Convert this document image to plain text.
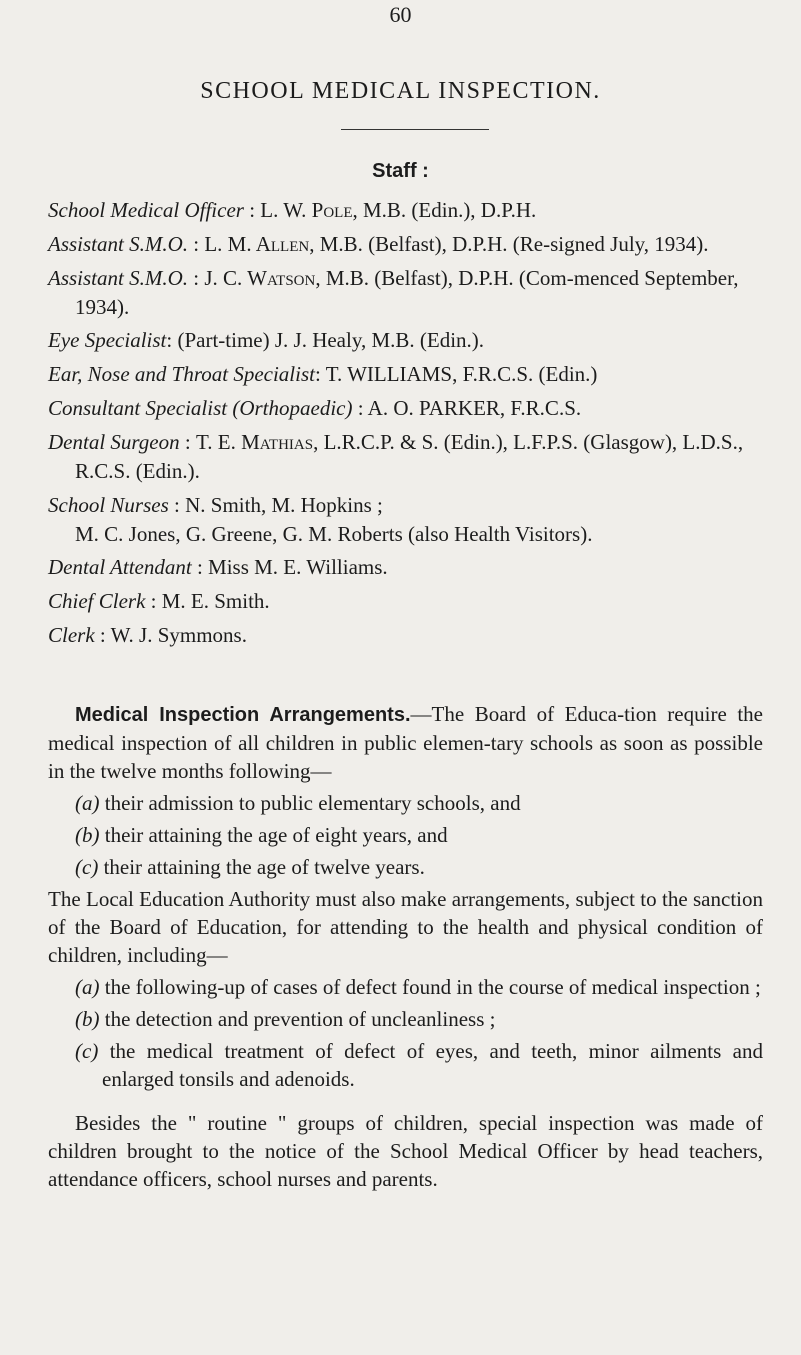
60
SCHOOL MEDICAL INSPECTION.
Staff :
School Medical Officer : L. W. Pole, M.B. (Edin.), D.P.H.
Assistant S.M.O. : L. M. Allen, M.B. (Belfast), D.P.H. (Re-signed July, 1934).
Assistant S.M.O. : J. C. Watson, M.B. (Belfast), D.P.H. (Com-menced September, 1934).
Eye Specialist: (Part-time) J. J. Healy, M.B. (Edin.).
Ear, Nose and Throat Specialist: T. WILLIAMS, F.R.C.S. (Edin.)
Consultant Specialist (Orthopaedic) : A. O. PARKER, F.R.C.S.
Dental Surgeon : T. E. Mathias, L.R.C.P. & S. (Edin.), L.F.P.S. (Glasgow), L.D.S., R.C.S. (Edin.).
School Nurses : N. Smith, M. Hopkins ;
M. C. Jones, G. Greene, G. M. Roberts (also Health Visitors).
Dental Attendant : Miss M. E. Williams.
Chief Clerk : M. E. Smith.
Clerk : W. J. Symmons.

Medical Inspection Arrangements.—The Board of Educa-tion require the medical inspection of all children in public elemen-tary schools as soon as possible in the twelve months following—

(a) their admission to public elementary schools, and

(b) their attaining the age of eight years, and

(c) their attaining the age of twelve years.

The Local Education Authority must also make arrangements, subject to the sanction of the Board of Education, for attending to the health and physical condition of children, including—

(a) the following-up of cases of defect found in the course of medical inspection ;

(b) the detection and prevention of uncleanliness ;

(c) the medical treatment of defect of eyes, and teeth, minor ailments and enlarged tonsils and adenoids.

Besides the " routine " groups of children, special inspection was made of children brought to the notice of the School Medical Officer by head teachers, attendance officers, school nurses and parents.
